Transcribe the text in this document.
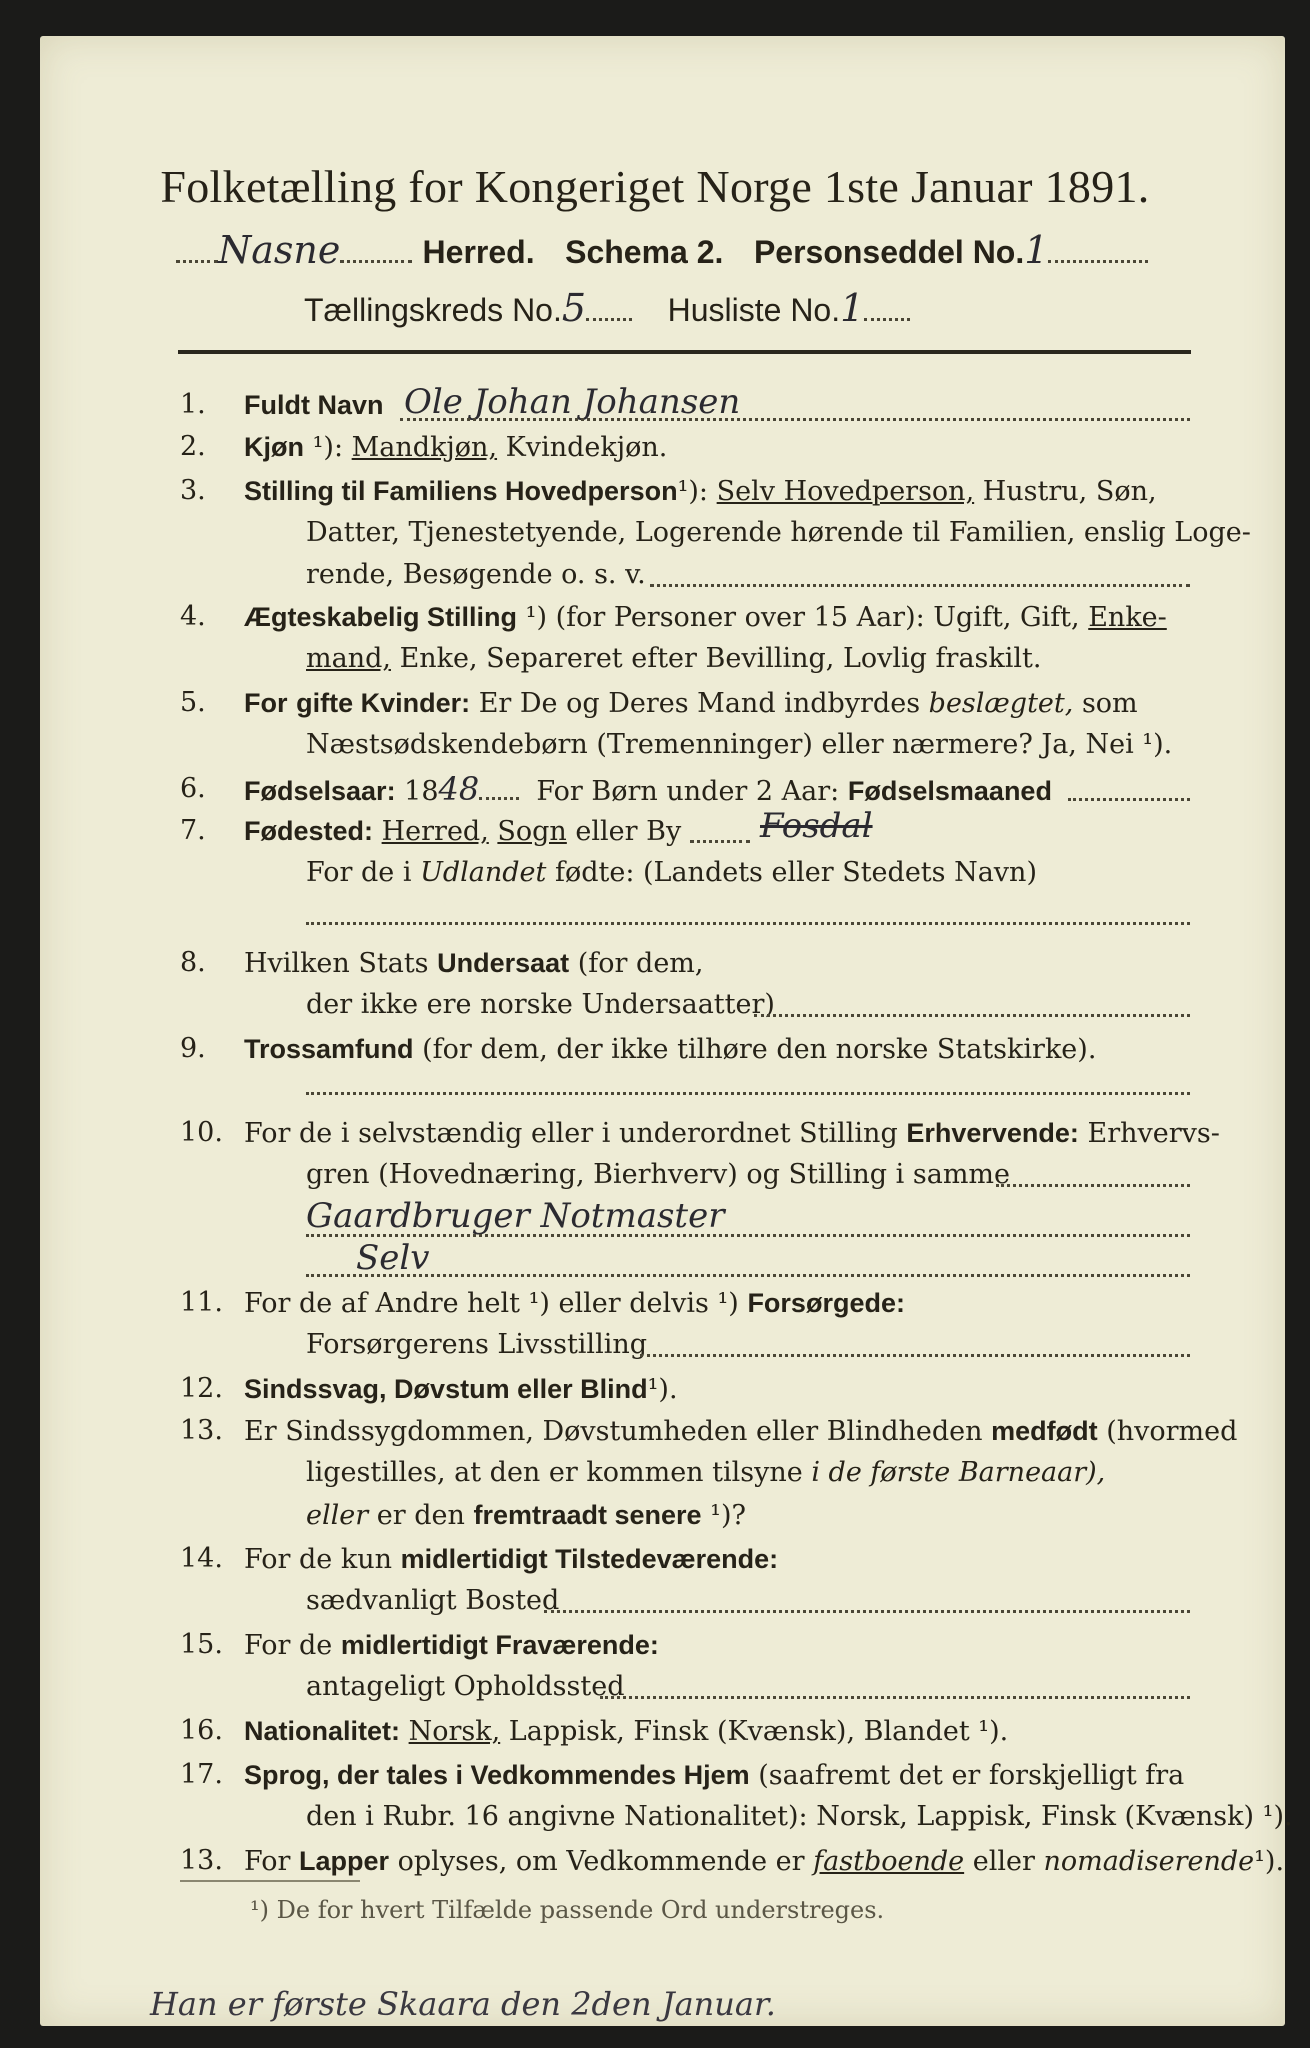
Folketælling for Kongeriget Norge 1ste Januar 1891.
Nasne	Herred. Schema 2. Personseddel No.1
Tællingskreds No.5	Husliste No.1
1.	Fuldt Navn Ole Johan Johansen
2.	Kjøn ¹): Mandkjøn, Kvindekjøn.
3.	Stilling til Familiens Hovedperson¹): Selv Hovedperson, Hustru, Søn,
Datter, Tjenestetyende, Logerende hørende til Familien, enslig Loge-
rende, Besøgende o. s. v.
4.	Ægteskabelig Stilling ¹) (for Personer over 15 Aar): Ugift, Gift, Enke-
mand, Enke, Separeret efter Bevilling, Lovlig fraskilt.
5.	For gifte Kvinder: Er De og Deres Mand indbyrdes beslægtet, som
Næstsødskendebørn (Tremenninger) eller nærmere? Ja, Nei ¹).
6.	Fødselsaar: 1848 For Børn under 2 Aar: Fødselsmaaned
7.	Fødested: Herred, Sogn eller By Fosdal
For de i Udlandet fødte: (Landets eller Stedets Navn)
8.	Hvilken Stats Undersaat (for dem,
der ikke ere norske Undersaatter)
9.	Trossamfund (for dem, der ikke tilhøre den norske Statskirke).
10. For de i selvstændig eller i underordnet Stilling Erhvervende: Erhvervs-
gren (Hovednæring, Bierhverv) og Stilling i samme
Gaardbruger Notmaster
Selv
11. For de af Andre helt ¹) eller delvis ¹) Forsørgede:
Forsørgerens Livsstilling
12. Sindssvag, Døvstum eller Blind¹).
13. Er Sindssygdommen, Døvstumheden eller Blindheden medfødt (hvormed
ligestilles, at den er kommen tilsyne i de første Barneaar),
eller er den fremtraadt senere ¹)?
14. For de kun midlertidigt Tilstedeværende:
sædvanligt Bosted
15. For de midlertidigt Fraværende:
antageligt Opholdssted
16. Nationalitet: Norsk, Lappisk, Finsk (Kvænsk), Blandet ¹).
17. Sprog, der tales i Vedkommendes Hjem (saafremt det er forskjelligt fra
den i Rubr. 16 angivne Nationalitet): Norsk, Lappisk, Finsk (Kvænsk) ¹).
13. For Lapper oplyses, om Vedkommende er fastboende eller nomadiserende¹).
¹) De for hvert Tilfælde passende Ord understreges.
Han er første Skaara den 2den Januar.
